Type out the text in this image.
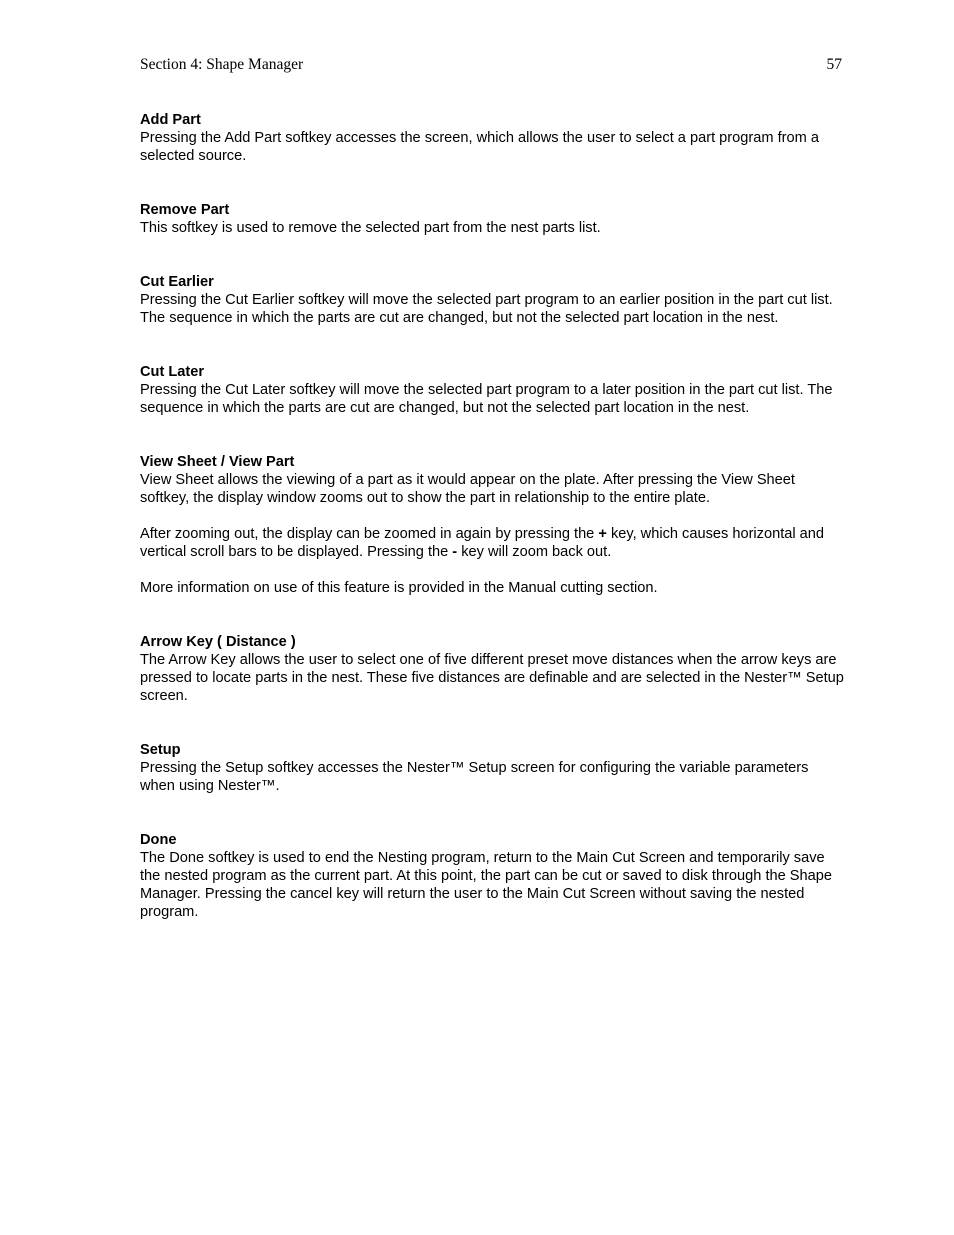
Section 4: Shape Manager	57

Add Part

Pressing the Add Part softkey accesses the screen, which allows the user to select a part program from a selected source.

Remove Part

This softkey is used to remove the selected part from the nest parts list.

Cut Earlier

Pressing the Cut Earlier softkey will move the selected part program to an earlier position in the part cut list. The sequence in which the parts are cut are changed, but not the selected part location in the nest.

Cut Later

Pressing the Cut Later softkey will move the selected part program to a later position in the part cut list. The sequence in which the parts are cut are changed, but not the selected part location in the nest.

View Sheet / View Part

View Sheet allows the viewing of a part as it would appear on the plate. After pressing the View Sheet softkey, the display window zooms out to show the part in relationship to the entire plate.

After zooming out, the display can be zoomed in again by pressing the + key, which causes horizontal and vertical scroll bars to be displayed. Pressing the - key will zoom back out.

More information on use of this feature is provided in the Manual cutting section.

Arrow Key ( Distance )

The Arrow Key allows the user to select one of five different preset move distances when the arrow keys are pressed to locate parts in the nest. These five distances are definable and are selected in the Nester™ Setup screen.

Setup

Pressing the Setup softkey accesses the Nester™ Setup screen for configuring the variable parameters when using Nester™.

Done

The Done softkey is used to end the Nesting program, return to the Main Cut Screen and temporarily save the nested program as the current part. At this point, the part can be cut or saved to disk through the Shape Manager. Pressing the cancel key will return the user to the Main Cut Screen without saving the nested program.
